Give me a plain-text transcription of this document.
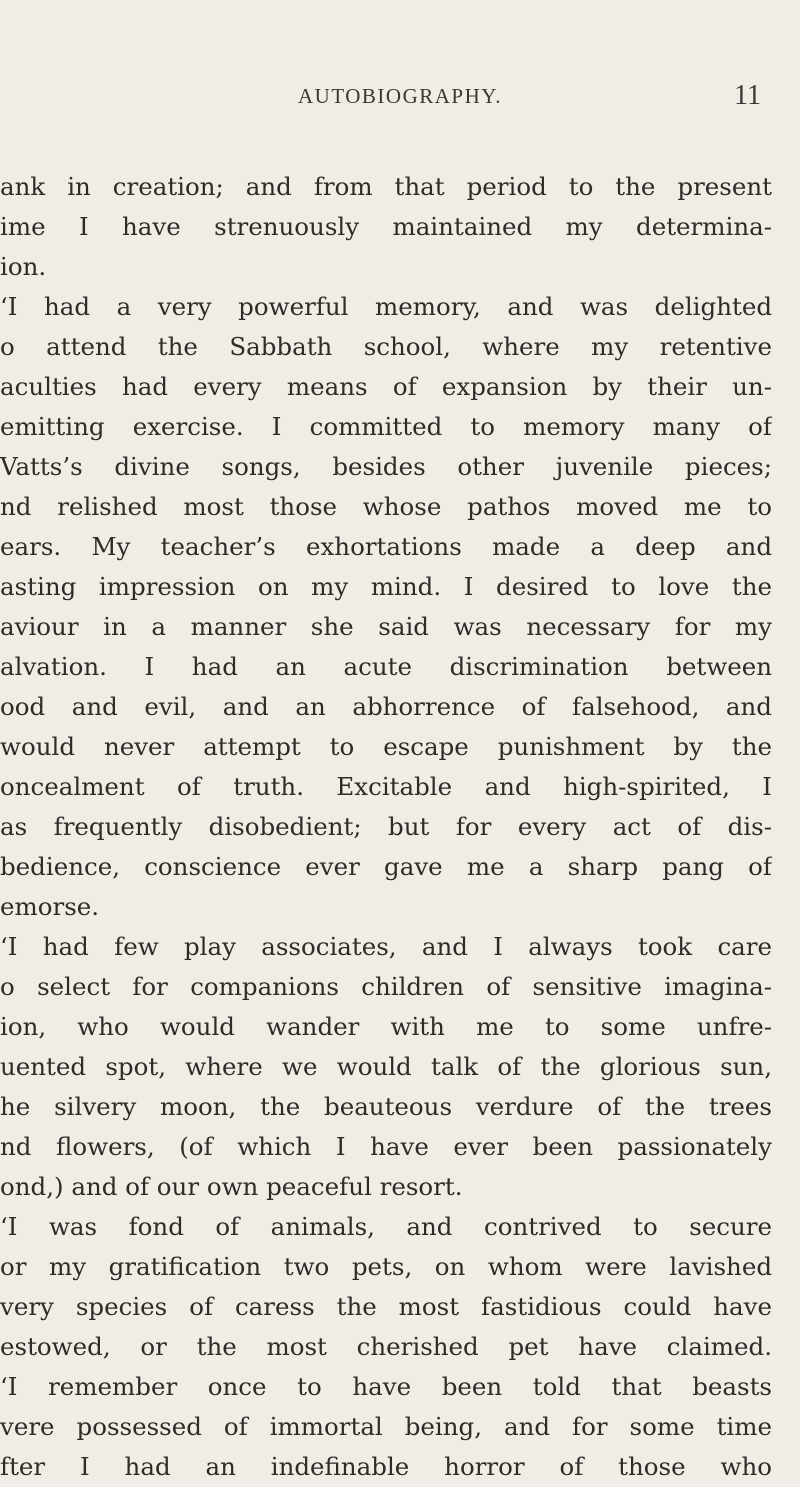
AUTOBIOGRAPHY.	11
ank in creation; and from that period to the present
ime I have strenuously maintained my determina-
ion.
‘I had a very powerful memory, and was delighted
o attend the Sabbath school, where my retentive
aculties had every means of expansion by their un-
emitting exercise. I committed to memory many of
Vatts’s divine songs, besides other juvenile pieces;
nd relished most those whose pathos moved me to
ears. My teacher’s exhortations made a deep and
asting impression on my mind. I desired to love the
aviour in a manner she said was necessary for my
alvation. I had an acute discrimination between
ood and evil, and an abhorrence of falsehood, and
would never attempt to escape punishment by the
oncealment of truth. Excitable and high-spirited, I
as frequently disobedient; but for every act of dis-
bedience, conscience ever gave me a sharp pang of
emorse.
‘I had few play associates, and I always took care
o select for companions children of sensitive imagina-
ion, who would wander with me to some unfre-
uented spot, where we would talk of the glorious sun,
he silvery moon, the beauteous verdure of the trees
nd flowers, (of which I have ever been passionately
ond,) and of our own peaceful resort.
‘I was fond of animals, and contrived to secure
or my gratification two pets, on whom were lavished
very species of caress the most fastidious could have
estowed, or the most cherished pet have claimed.
‘I remember once to have been told that beasts
vere possessed of immortal being, and for some time
fter I had an indefinable horror of those who
